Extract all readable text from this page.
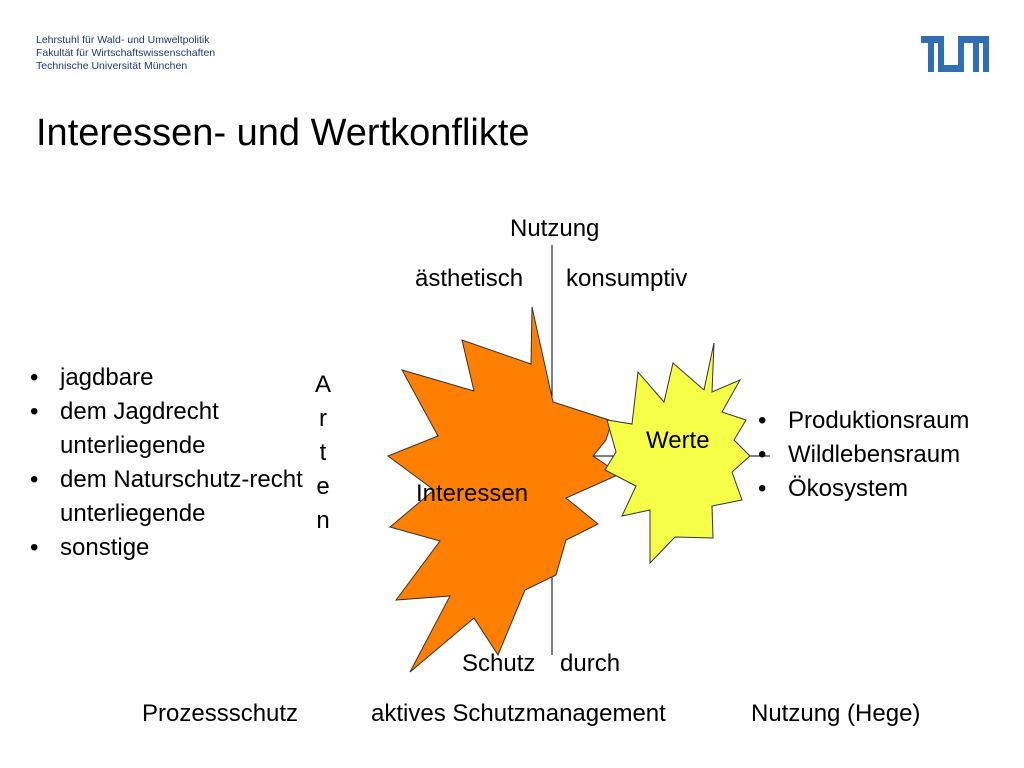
Lehrstuhl für Wald- und Umweltpolitik
Fakultät für Wirtschaftswissenschaften
Technische Universität München
Interessen- und Wertkonflikte
Nutzung
ästhetisch konsumptiv
Schutz durch
A
r
t
e
n
Interessen
Werte
• jagdbare
• dem Jagdrecht unterliegende
• dem Naturschutz-recht unterliegende
• sonstige
• Produktionsraum
• Wildlebensraum
• Ökosystem
Prozessschutz	aktives Schutzmanagement	Nutzung (Hege)
